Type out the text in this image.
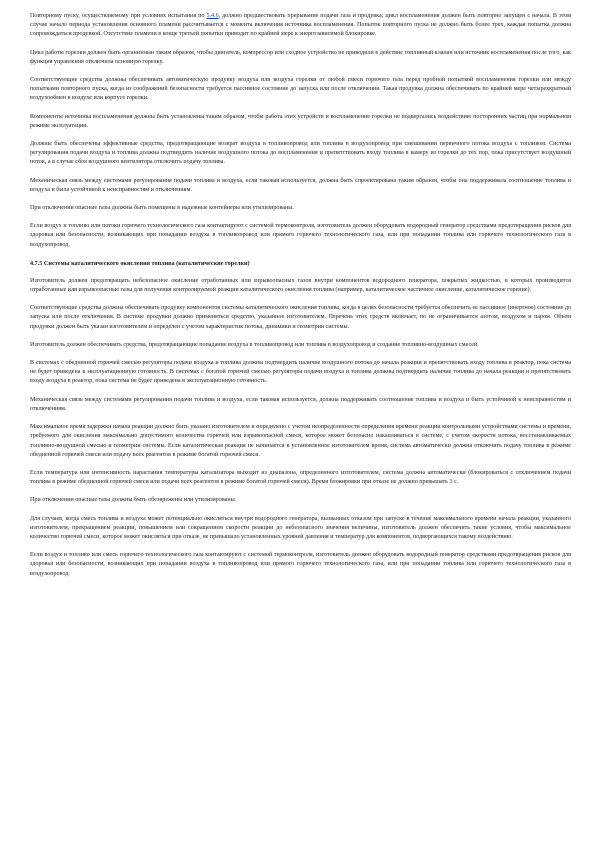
Повторному пуску, осуществляемому при условиях испытания по 5.4.6, должно предшествовать прерывание подачи газа и продувка; цикл воспламенения должен быть повторно запущен с начала. В этом случае начало периода установления основного пламени рассчитывается с момента включения источника воспламенения. Попыток повторного пуска не должно быть более трех, каждая попытка должна сопровождаться продувкой. Отсутствие пламени в конце третьей попытки приводит по крайней мере к энергозависимой блокировке.

Цикл работы горелки должен быть организован таким образом, чтобы двигатель, компрессор или сходное устройство не приводили в действие топливный клапан или источник воспламенения после того, как функция управления отключила основную горелку.

Соответствующие средства должны обеспечивать автоматическую продувку воздуха или воздуха горелки от любой смеси горючего газа перед пробной попыткой воспламенения горелки или между попытками повторного пуска, когда из соображений безопасности требуется пассивное состояние до запуска или после отключения. Такая продувка должна обеспечивать по крайней мере четырехкратный воздухообмен в воздухе или корпусе горелки.

Компоненты источника воспламенения должны быть установлены таким образом, чтобы работа этих устройств и воспламенение горелки не подвергались воздействию посторонних частиц при нормальном режиме эксплуатации.

Должны быть обеспечены эффективные средства, предотвращающие возврат воздуха в топливопровод или топлива в воздухопровод при смешивании первичного потока воздуха с топливом. Система регулирования подачи воздуха и топлива должна подтвердить наличие воздушного потока до воспламенения и препятствовать входу топлива в камеру из горелки до тех пор, пока присутствует воздушный поток, а в случае сбоя воздушного вентилятора отключить подачу топлива.

Механическая связь между системами регулирования подачи топлива и воздуха, если таковая используется, должна быть спроектирована таким образом, чтобы она поддерживала соотношение топлива и воздуха и была устойчивой к неисправностям и отключениям.

При отключении опасные газы должны быть помещены в надежные контейнеры или утилизированы.

Если воздух и топливо или потоки горючего технологического газа контактируют с системой термоконтроля, изготовитель должен оборудовать водородный генератор средствами предотвращения рисков для здоровья или безопасности, возникающих при попадании воздуха в топливопровод или прямого горючего технологического газа, или при попадании топлива или горючего технологического газа в воздухопровод.

4.7.5 Системы каталитического окисления топлива (каталитические горелки)

Изготовитель должен предотвращать небезопасное окисление отработанных или взрывоопасных газов внутри компонентов водородного генератора, покрытых жидкостью, в которых производится отработанные или взрывоопасные газы для получения контролируемой реакции каталитического окисления топлива (например, каталитическое частичное окисление, каталитическое горение).

Соответствующие средства должны обеспечивать продувку компонентов системы каталитического окисления топлива, когда в целях безопасности требуется обеспечить ее пассивное (инертное) состояние до запуска или после отключения. В системе продувки должно применяться средство, указанное изготовителем. Перечень этих средств включает, но не ограничивается азотом, воздухом и паром. Объем продувки должен быть указан изготовителем и определен с учетом характеристик потока, динамики и геометрии системы.

Изготовитель должен обеспечивать средства, предотвращающие попадание воздуха в топливопровод или топлива в воздухопровод и создание топливно-воздушных смесей.

В системах с обедненной горючей смесью регуляторы подачи воздуха и топлива должны подтвердить наличие воздушного потока до начала реакции и препятствовать входу топлива в реактор, пока система не будет приведена в эксплуатационную готовность. В системах с богатой горючей смесью регуляторы подачи воздуха и топлива должны подтвердить наличие топлива до начала реакции и препятствовать входу воздуха в реактор, пока система не будет приведена в эксплуатационную готовность.

Механическая связь между системами регулирования подачи топлива и воздуха, если таковая используется, должна поддерживать соотношение топлива и воздуха и быть устойчивой к неисправностям и отключениям.

Максимальное время задержки начала реакции должно быть указано изготовителем и определено с учетом неопределенности определения времени реакции контрольными устройствами системы и времени, требуемого для окисления максимально допустимого количества горючей или взрывоопасной смеси, которое может безопасно накапливаться в системе, с учетом скорости потока, восстанавливаемых топливно-воздушной смесью и геометрии системы. Если каталитическая реакция не начинается в установленное изготовителем время, система автоматически должна отключить подачу топлива в режиме обедненной горючей смеси или подачу всех реагентов в режиме богатой горючей смеси.

Если температура или интенсивность нарастания температуры катализатора выходит из диапазона, определенного изготовителем, система должна автоматически (блокироваться с отключением подачи топлива в режиме обедненной горючей смеси или подачи всех реагентов в режиме богатой горючей смеси). Время блокировки при отказе не должно превышать 3 с.

При отключении опасные газы должны быть обезврежены или утилизированы.

Для случаев, когда смесь топлива и воздуха может потенциально окисляться внутри водородного генератора, вызванных отказом при запуске в течение максимального времени начала реакции, указанного изготовителем, прекращением реакции, повышением или сокращением скорости реакции до небезопасного значения величины, изготовитель должен обеспечить такие условия, чтобы максимальное количество горючей смеси, которое может окисляться при отказе, не превышало установленных уровней давления и температур для компонентов, подвергающихся такому воздействию.

Если воздух и топливо или смесь горючего технологического газа контактируют с системой термоконтроля, изготовитель должен оборудовать водородный генератор средствами предотвращения рисков для здоровья или безопасности, возникающих при попадании воздуха в топливопровод или прямого горючего технологического газа, или при попадании топлива или горючего технологического газа в воздухопровод.
